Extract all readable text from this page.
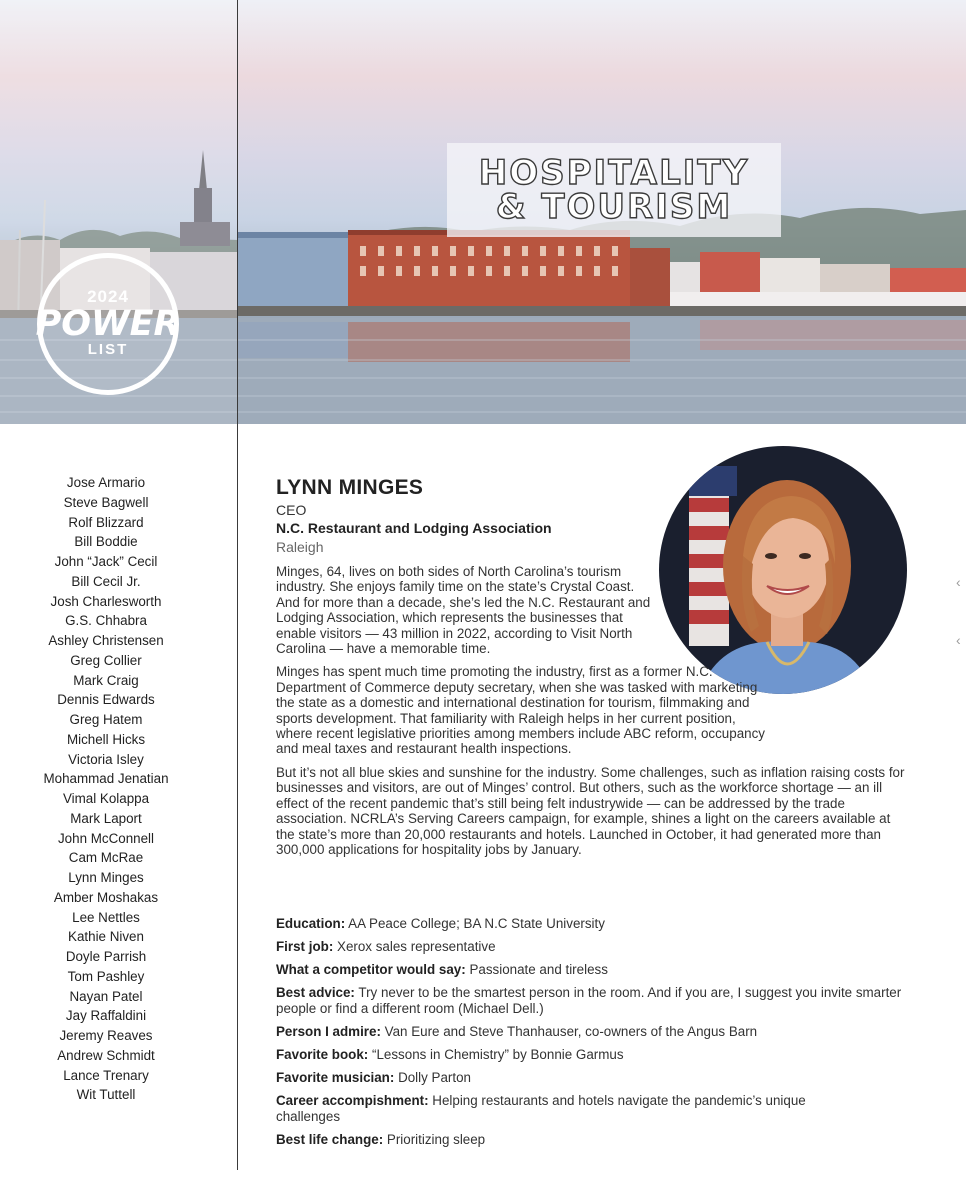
HOSPITALITY
& TOURISM
2024
POWER
LIST
Jose Armario
Steve Bagwell
Rolf Blizzard
Bill Boddie
John “Jack” Cecil
Bill Cecil Jr.
Josh Charlesworth
G.S. Chhabra
Ashley Christensen
Greg Collier
Mark Craig
Dennis Edwards
Greg Hatem
Michell Hicks
Victoria Isley
Mohammad Jenatian
Vimal Kolappa
Mark Laport
John McConnell
Cam McRae
Lynn Minges
Amber Moshakas
Lee Nettles
Kathie Niven
Doyle Parrish
Tom Pashley
Nayan Patel
Jay Raffaldini
Jeremy Reaves
Andrew Schmidt
Lance Trenary
Wit Tuttell
LYNN MINGES
CEO
N.C. Restaurant and Lodging Association
Raleigh

Minges, 64, lives on both sides of North Carolina’s tourism industry. She enjoys family time on the state’s Crystal Coast. And for more than a decade, she’s led the N.C. Restaurant and Lodging Association, which represents the businesses that enable visitors — 43 million in 2022, according to Visit North Carolina — have a memorable time.

Minges has spent much time promoting the industry, first as a former N.C. Department of Commerce deputy secretary, when she was tasked with marketing the state as a domestic and international destination for tourism, filmmaking and sports development. That familiarity with Raleigh helps in her current position, where recent legislative priorities among members include ABC reform, occupancy and meal taxes and restaurant health inspections.

But it’s not all blue skies and sunshine for the industry. Some challenges, such as inflation raising costs for businesses and visitors, are out of Minges’ control. But others, such as the workforce shortage — an ill effect of the recent pandemic that’s still being felt industrywide — can be addressed by the trade association. NCRLA’s Serving Careers campaign, for example, shines a light on the careers available at the state’s more than 20,000 restaurants and hotels. Launched in October, it had generated more than 300,000 applications for hospitality jobs by January.

Education: AA Peace College; BA N.C State University
First job: Xerox sales representative
What a competitor would say: Passionate and tireless
Best advice: Try never to be the smartest person in the room. And if you are, I suggest you invite smarter people or find a different room (Michael Dell.)
Person I admire: Van Eure and Steve Thanhauser, co-owners of the Angus Barn
Favorite book: “Lessons in Chemistry” by Bonnie Garmus
Favorite musician: Dolly Parton
Career accompishment: Helping restaurants and hotels navigate the pandemic’s unique challenges
Best life change: Prioritizing sleep
‹
‹
